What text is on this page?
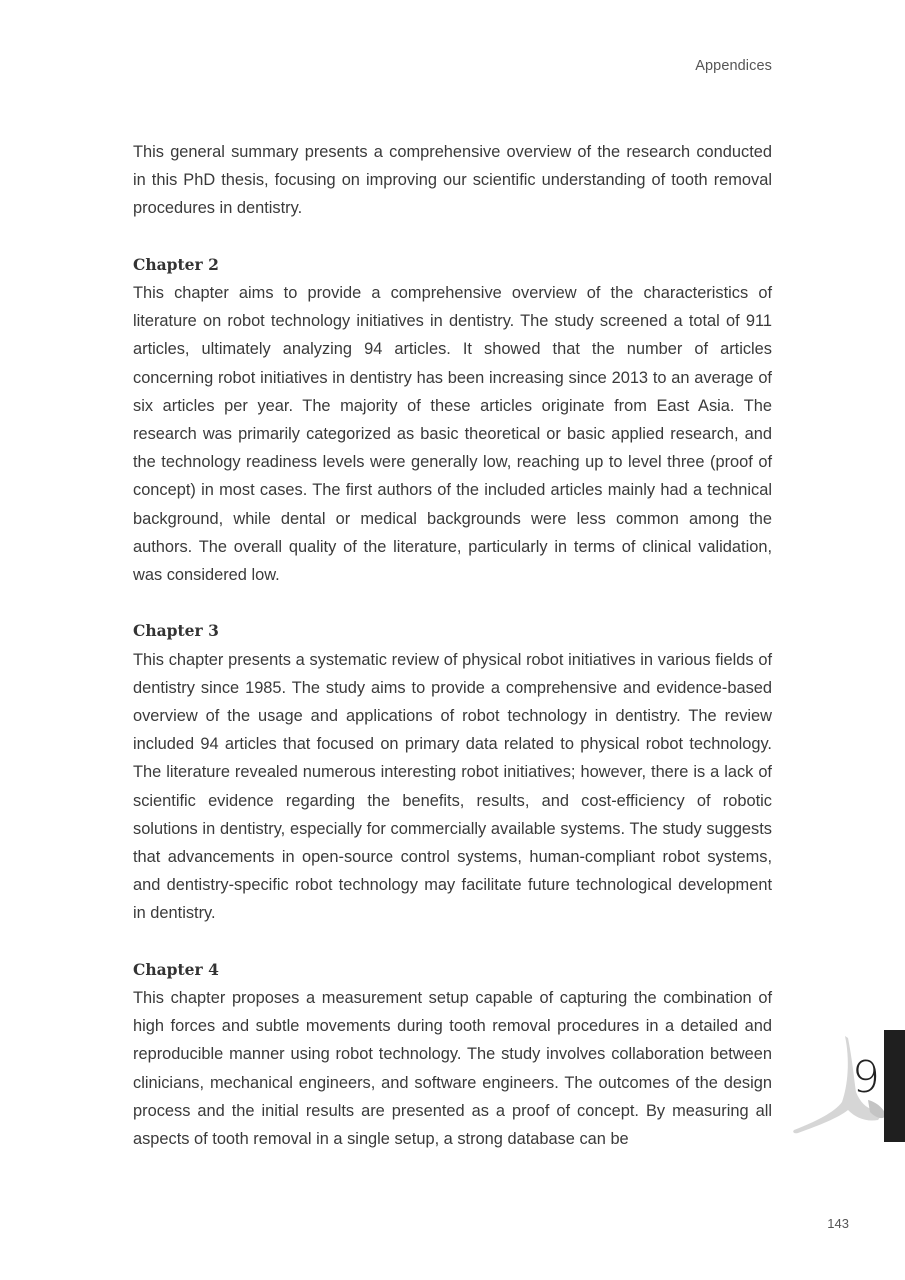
Appendices

This general summary presents a comprehensive overview of the research conducted in this PhD thesis, focusing on improving our scientific understanding of tooth removal procedures in dentistry.

Chapter 2

This chapter aims to provide a comprehensive overview of the characteristics of literature on robot technology initiatives in dentistry. The study screened a total of 911 articles, ultimately analyzing 94 articles. It showed that the number of articles concerning robot initiatives in dentistry has been increasing since 2013 to an average of six articles per year. The majority of these articles originate from East Asia. The research was primarily categorized as basic theoretical or basic applied research, and the technology readiness levels were generally low, reaching up to level three (proof of concept) in most cases. The first authors of the included articles mainly had a technical background, while dental or medical backgrounds were less common among the authors. The overall quality of the literature, particularly in terms of clinical validation, was considered low.

Chapter 3

This chapter presents a systematic review of physical robot initiatives in various fields of dentistry since 1985. The study aims to provide a comprehensive and evidence-based overview of the usage and applications of robot technology in dentistry. The review included 94 articles that focused on primary data related to physical robot technology. The literature revealed numerous interesting robot initiatives; however, there is a lack of scientific evidence regarding the benefits, results, and cost-efficiency of robotic solutions in dentistry, especially for commercially available systems. The study suggests that advancements in open-source control systems, human-compliant robot systems, and dentistry-specific robot technology may facilitate future technological development in dentistry.

Chapter 4

This chapter proposes a measurement setup capable of capturing the combination of high forces and subtle movements during tooth removal procedures in a detailed and reproducible manner using robot technology. The study involves collaboration between clinicians, mechanical engineers, and software engineers. The outcomes of the design process and the initial results are presented as a proof of concept. By measuring all aspects of tooth removal in a single setup, a strong database can be

9
143
